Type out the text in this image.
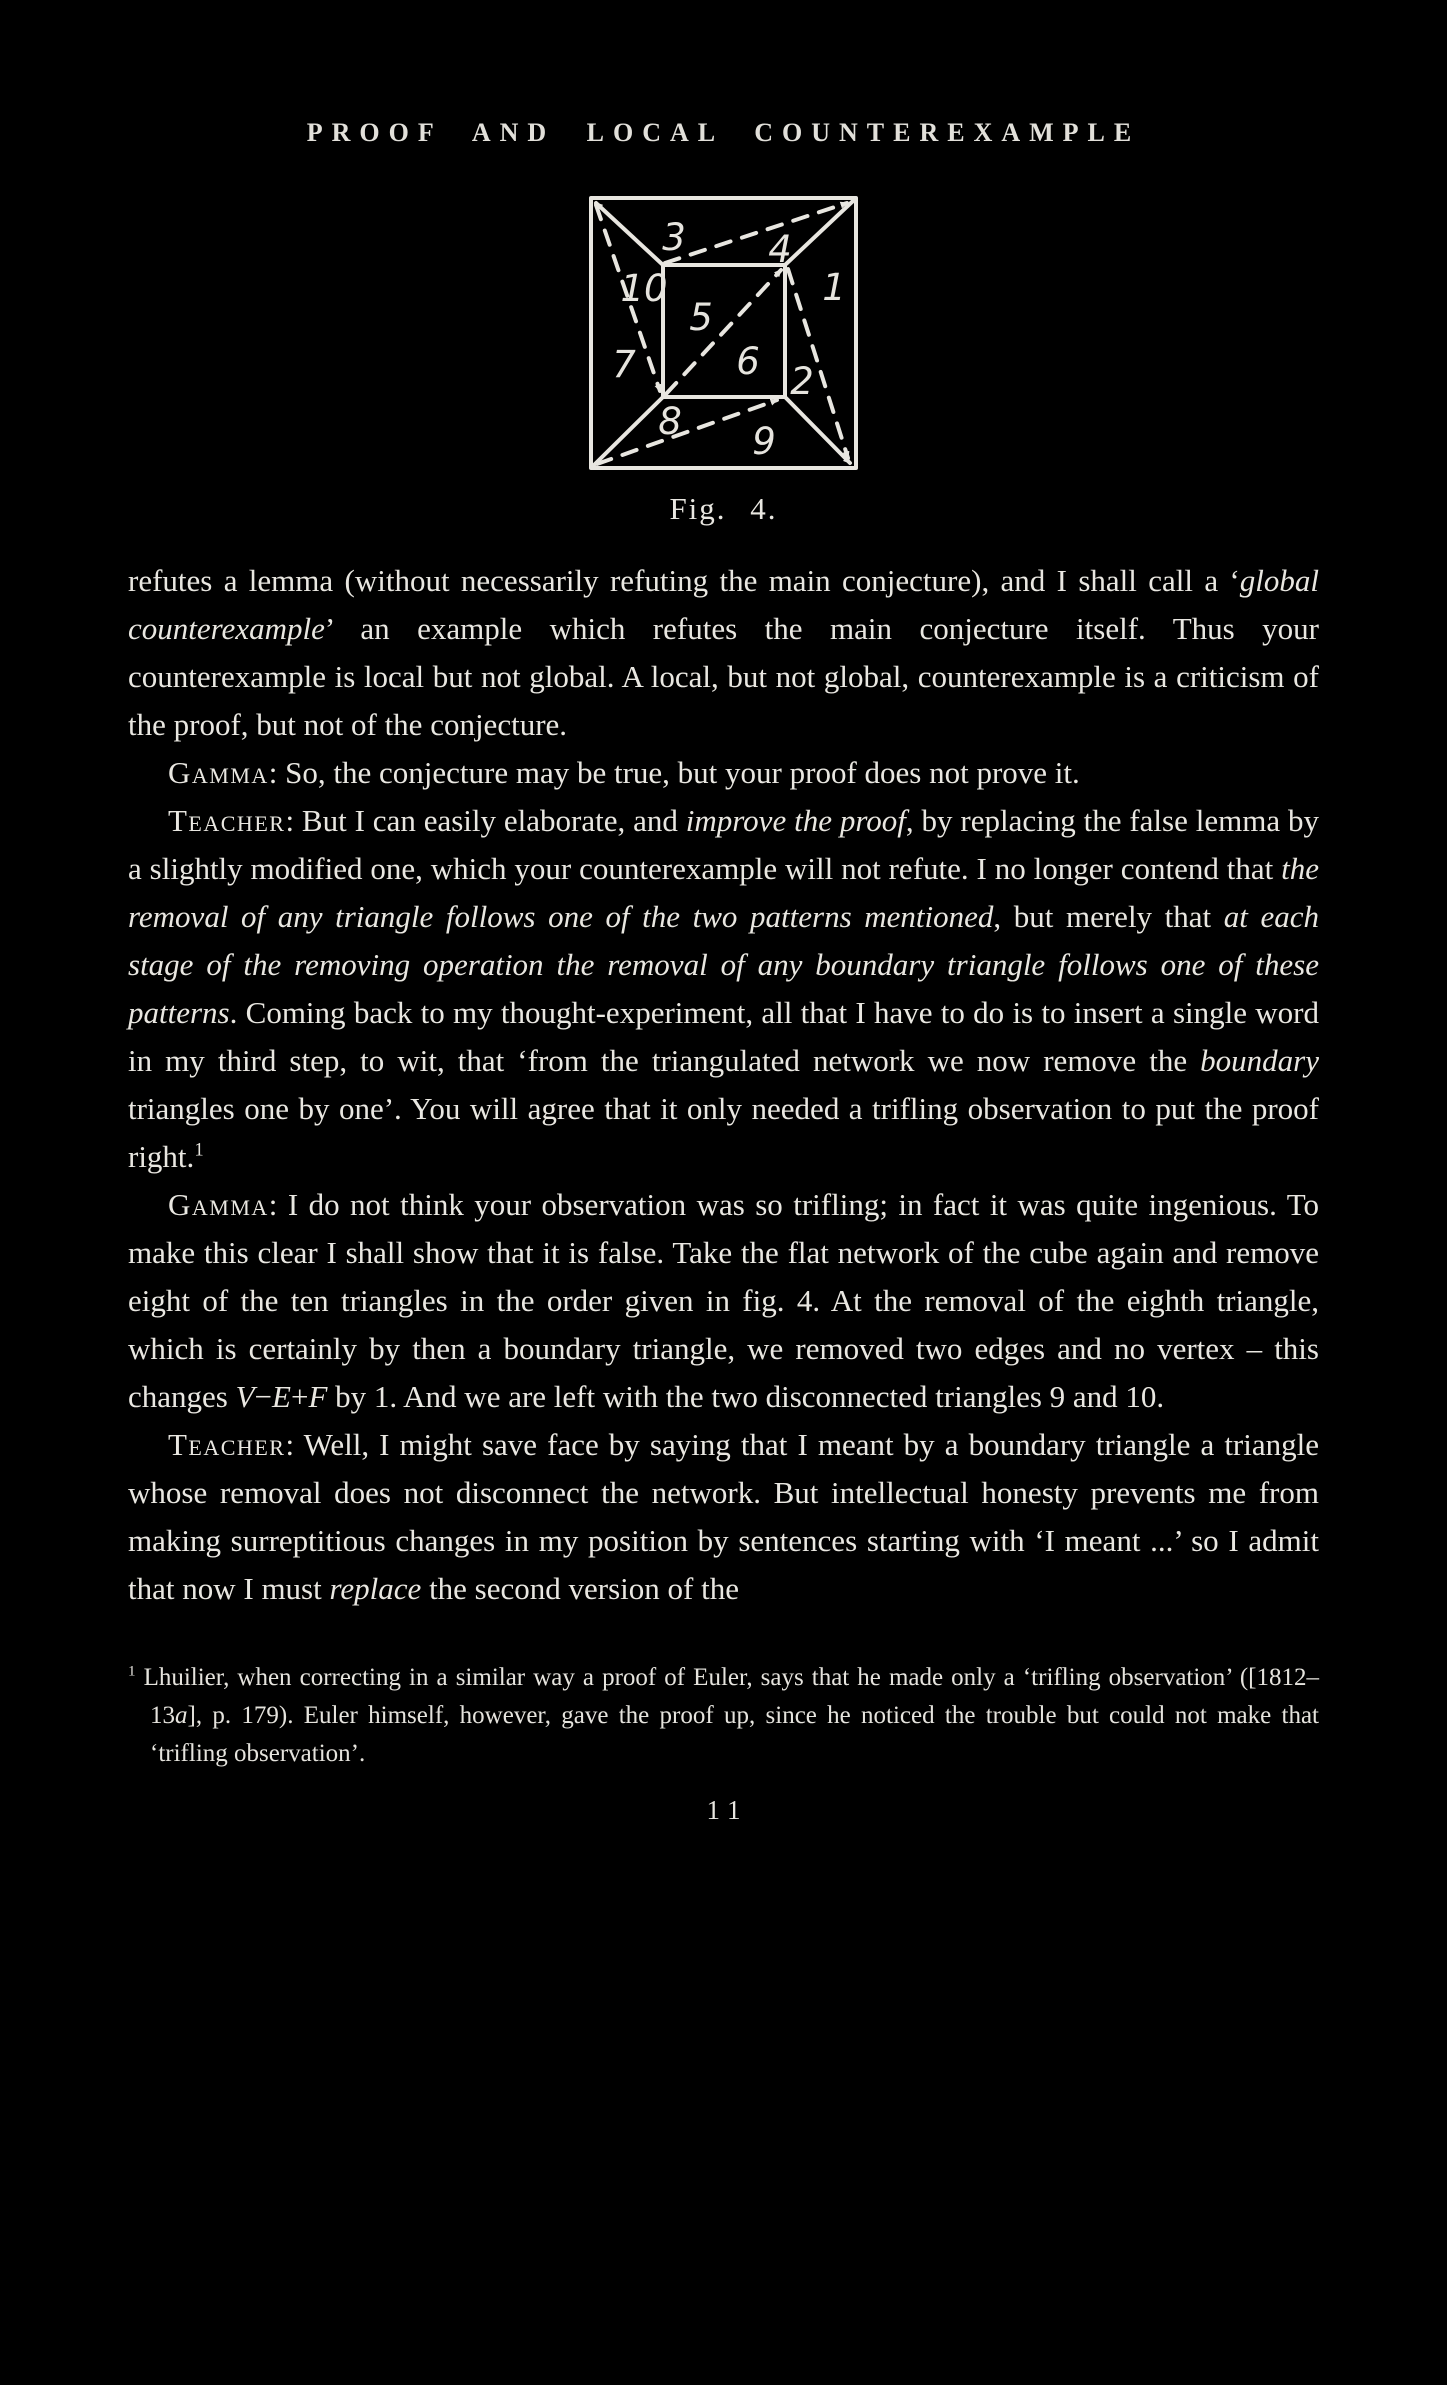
PROOF AND LOCAL COUNTEREXAMPLE
3 4
10
5
6
1
7	2
8 9
Fig. 4.

refutes a lemma (without necessarily refuting the main conjecture), and I shall call a ‘global counterexample’ an example which refutes the main conjecture itself. Thus your counterexample is local but not global. A local, but not global, counterexample is a criticism of the proof, but not of the conjecture.

Gamma: So, the conjecture may be true, but your proof does not prove it.

Teacher: But I can easily elaborate, and improve the proof, by replacing the false lemma by a slightly modified one, which your counterexample will not refute. I no longer contend that the removal of any triangle follows one of the two patterns mentioned, but merely that at each stage of the removing operation the removal of any boundary triangle follows one of these patterns. Coming back to my thought-experiment, all that I have to do is to insert a single word in my third step, to wit, that ‘from the triangulated network we now remove the boundary triangles one by one’. You will agree that it only needed a trifling observation to put the proof right.$^1$

Gamma: I do not think your observation was so trifling; in fact it was quite ingenious. To make this clear I shall show that it is false. Take the flat network of the cube again and remove eight of the ten triangles in the order given in fig. 4. At the removal of the eighth triangle, which is certainly by then a boundary triangle, we removed two edges and no vertex – this changes V−E+F by 1. And we are left with the two disconnected triangles 9 and 10.

Teacher: Well, I might save face by saying that I meant by a boundary triangle a triangle whose removal does not disconnect the network. But intellectual honesty prevents me from making surreptitious changes in my position by sentences starting with ‘I meant ...’ so I admit that now I must replace the second version of the

$^1$ Lhuilier, when correcting in a similar way a proof of Euler, says that he made only a ‘trifling observation’ ([1812–13a], p. 179). Euler himself, however, gave the proof up, since he noticed the trouble but could not make that ‘trifling observation’.

11
